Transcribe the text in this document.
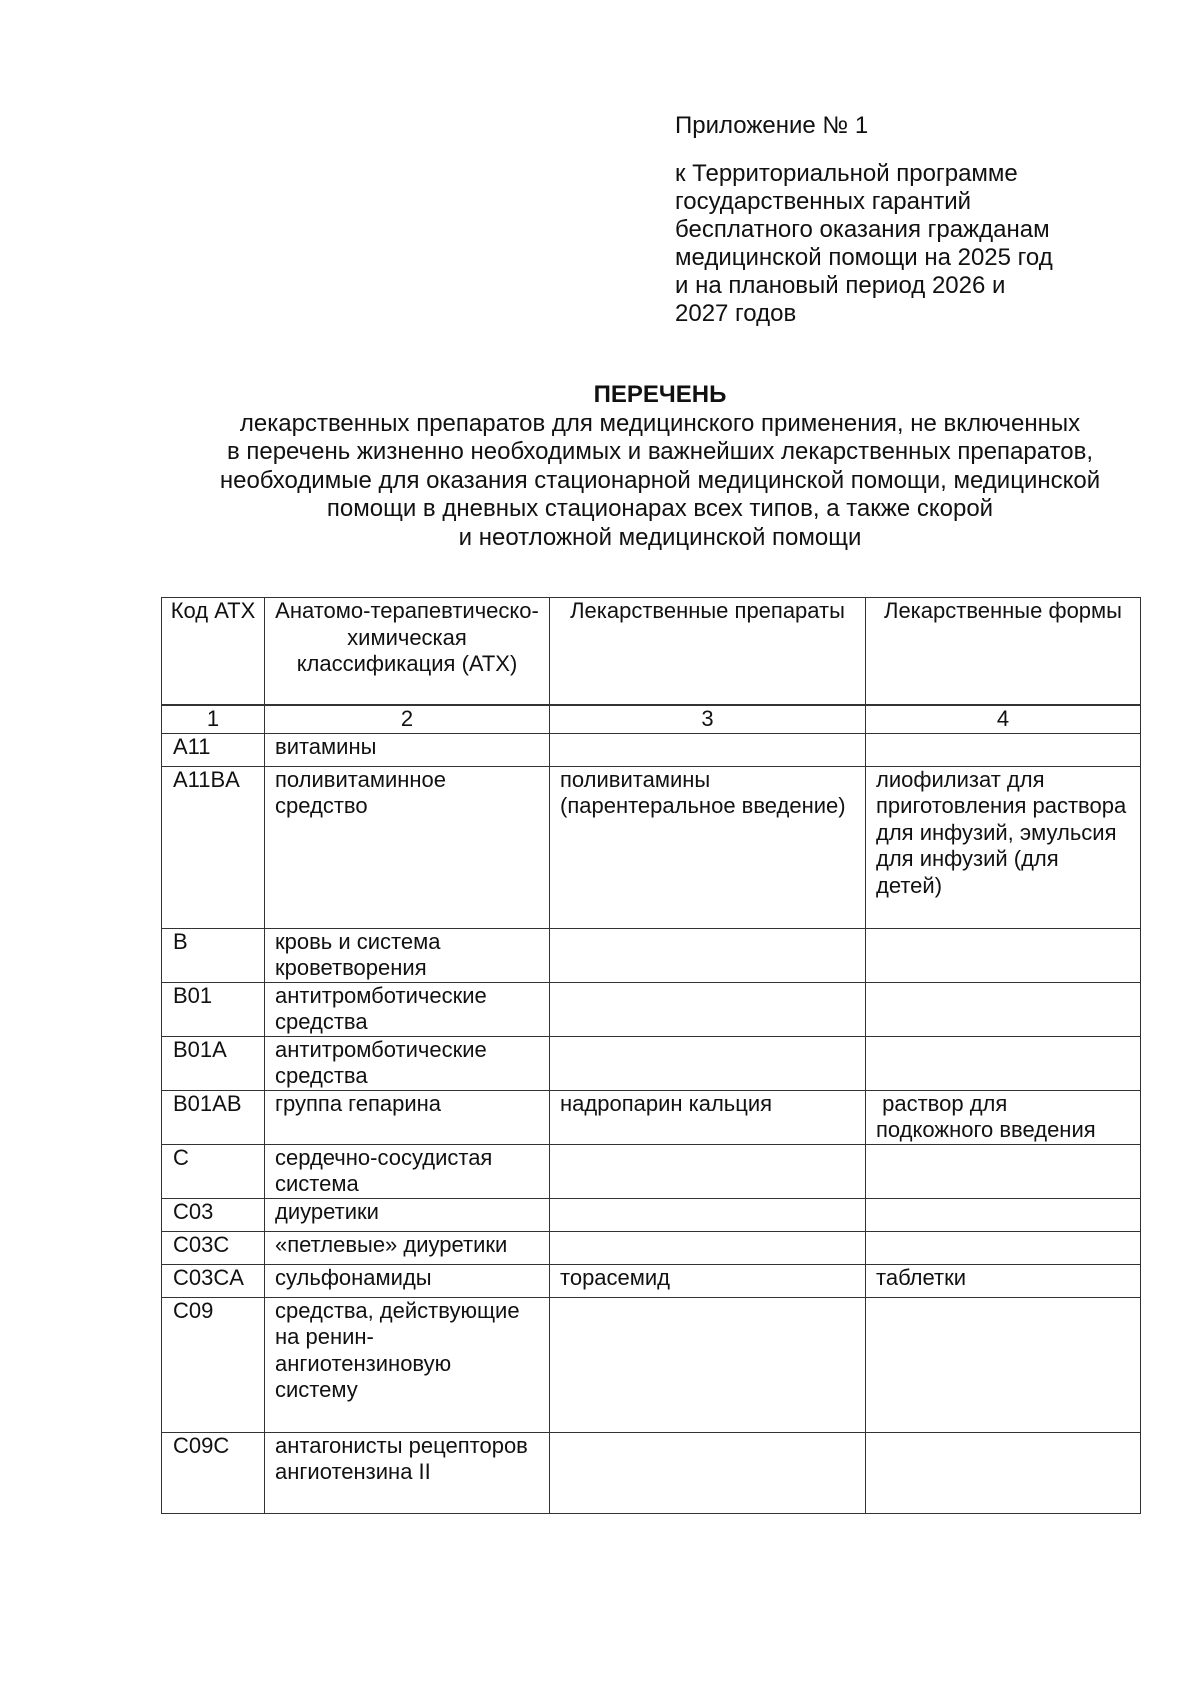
Приложение № 1
к Территориальной программе
государственных гарантий
бесплатного оказания гражданам
медицинской помощи на 2025 год
и на плановый период 2026 и
2027 годов
ПЕРЕЧЕНЬ
лекарственных препаратов для медицинского применения, не включенных
в перечень жизненно необходимых и важнейших лекарственных препаратов,
необходимые для оказания стационарной медицинской помощи, медицинской
помощи в дневных стационарах всех типов, а также скорой
и неотложной медицинской помощи
Код АТХ	Анатомо-терапевтическо-химическая классификация (АТХ)	Лекарственные препараты	Лекарственные формы
1	2	3	4
A11	витамины		
A11BA	поливитаминное средство	поливитамины (парентеральное введение)	лиофилизат для приготовления раствора для инфузий, эмульсия для инфузий (для детей)
B	кровь и система кроветворения		
B01	антитромботические средства		
B01A	антитромботические средства		
B01AB	группа гепарина	надропарин кальция	раствор для подкожного введения
C	сердечно-сосудистая система		
C03	диуретики		
C03C	«петлевые» диуретики		
C03CA	сульфонамиды	торасемид	таблетки
C09	средства, действующие на ренин-ангиотензиновую систему		
C09C	антагонисты рецепторов ангиотензина II		
